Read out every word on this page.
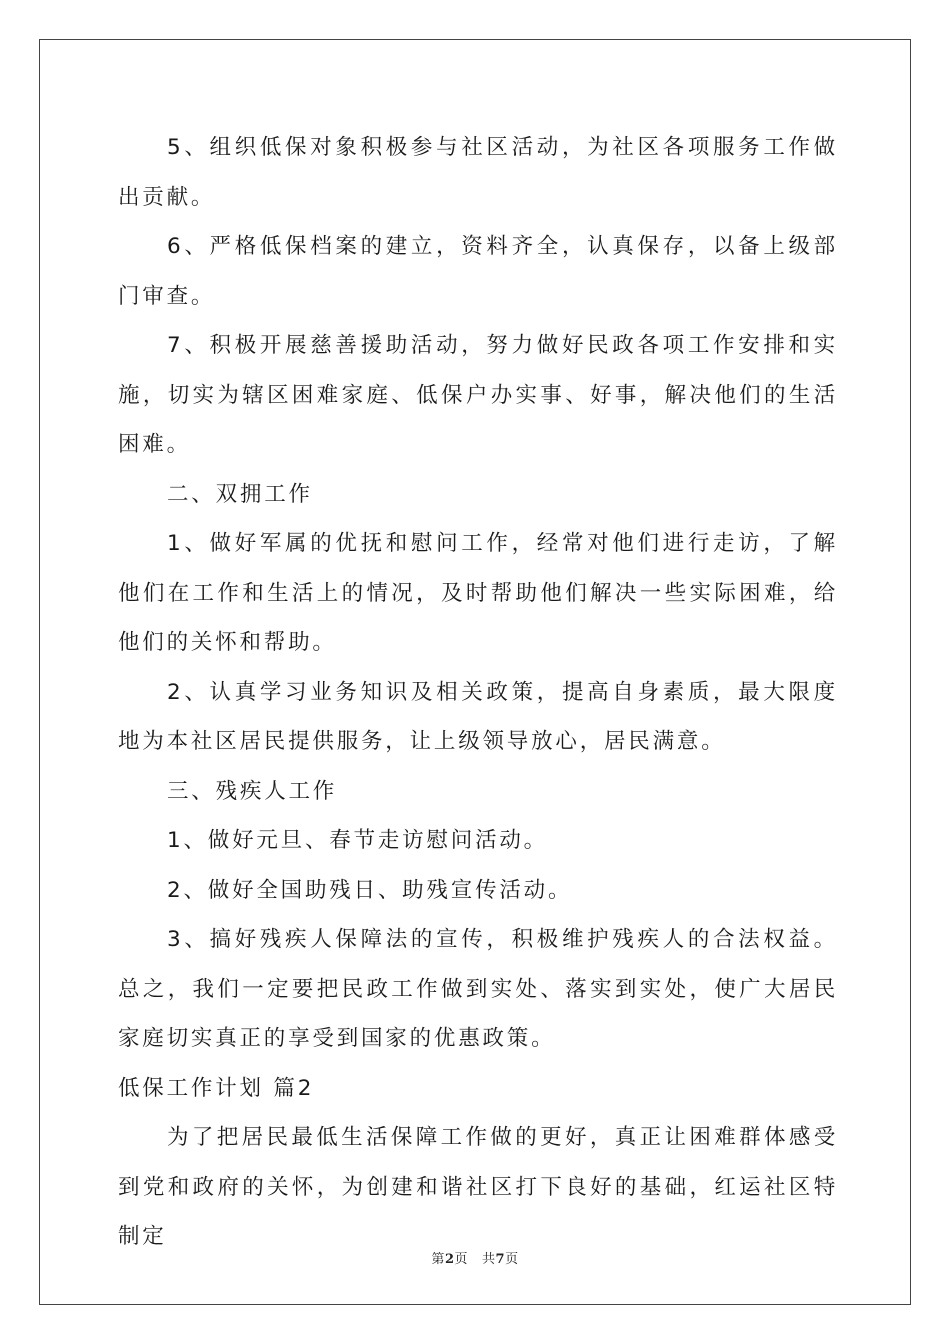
5、组织低保对象积极参与社区活动，为社区各项服务工作做出贡献。

6、严格低保档案的建立，资料齐全，认真保存，以备上级部门审查。

7、积极开展慈善援助活动，努力做好民政各项工作安排和实施，切实为辖区困难家庭、低保户办实事、好事，解决他们的生活困难。

二、双拥工作

1、做好军属的优抚和慰问工作，经常对他们进行走访，了解他们在工作和生活上的情况，及时帮助他们解决一些实际困难，给他们的关怀和帮助。

2、认真学习业务知识及相关政策，提高自身素质，最大限度地为本社区居民提供服务，让上级领导放心，居民满意。

三、残疾人工作

1、做好元旦、春节走访慰问活动。

2、做好全国助残日、助残宣传活动。

3、搞好残疾人保障法的宣传，积极维护残疾人的合法权益。 总之，我们一定要把民政工作做到实处、落实到实处，使广大居民家庭切实真正的享受到国家的优惠政策。

低保工作计划 篇2

为了把居民最低生活保障工作做的更好，真正让困难群体感受到党和政府的关怀，为创建和谐社区打下良好的基础，红运社区特制定

第2页 共7页
